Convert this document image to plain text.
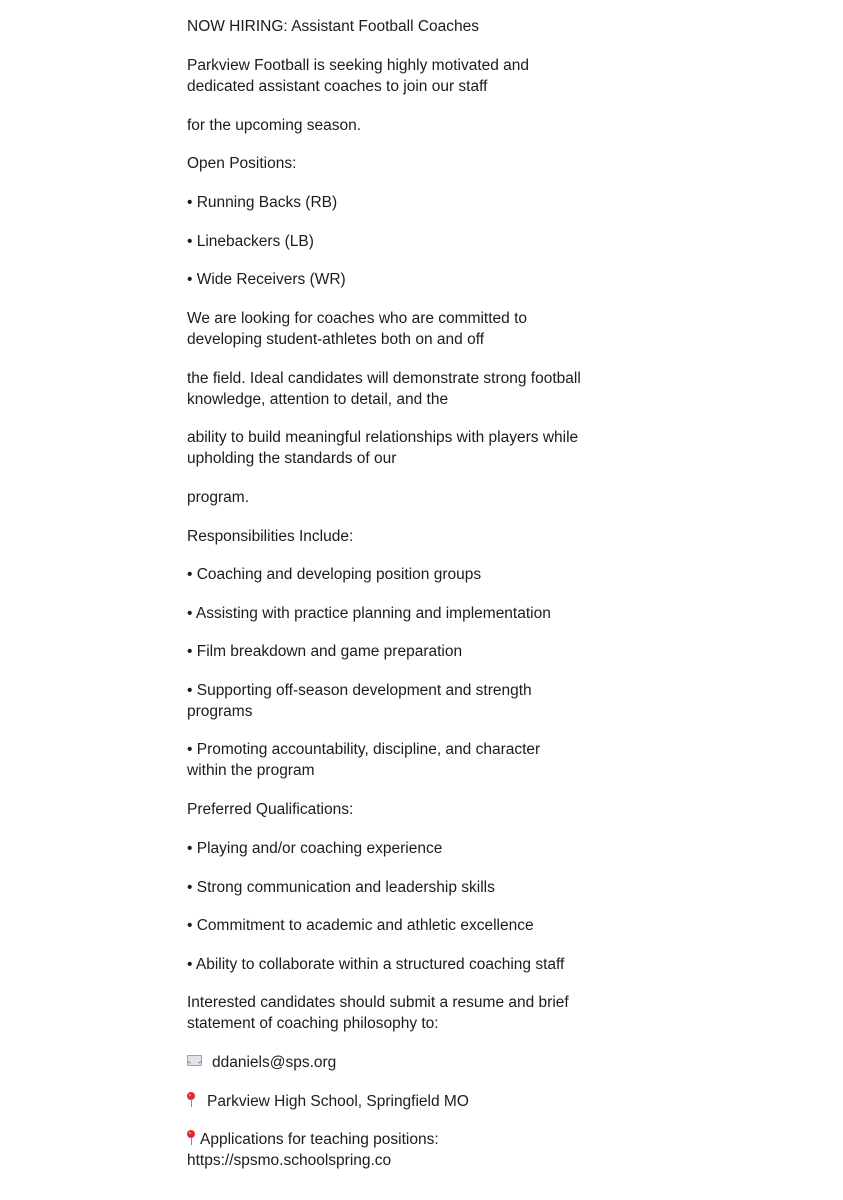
NOW HIRING: Assistant Football Coaches
Parkview Football is seeking highly motivated and
dedicated assistant coaches to join our staff
for the upcoming season.
Open Positions:
• Running Backs (RB)
• Linebackers (LB)
• Wide Receivers (WR)
We are looking for coaches who are committed to
developing student-athletes both on and off
the field. Ideal candidates will demonstrate strong football
knowledge, attention to detail, and the
ability to build meaningful relationships with players while
upholding the standards of our
program.
Responsibilities Include:
• Coaching and developing position groups
• Assisting with practice planning and implementation
• Film breakdown and game preparation
• Supporting off-season development and strength
programs
• Promoting accountability, discipline, and character
within the program
Preferred Qualifications:
• Playing and/or coaching experience
• Strong communication and leadership skills
• Commitment to academic and athletic excellence
• Ability to collaborate within a structured coaching staff
Interested candidates should submit a resume and brief
statement of coaching philosophy to:
ddaniels@sps.org
Parkview High School, Springfield MO
Applications for teaching positions:
https://spsmo.schoolspring.co
